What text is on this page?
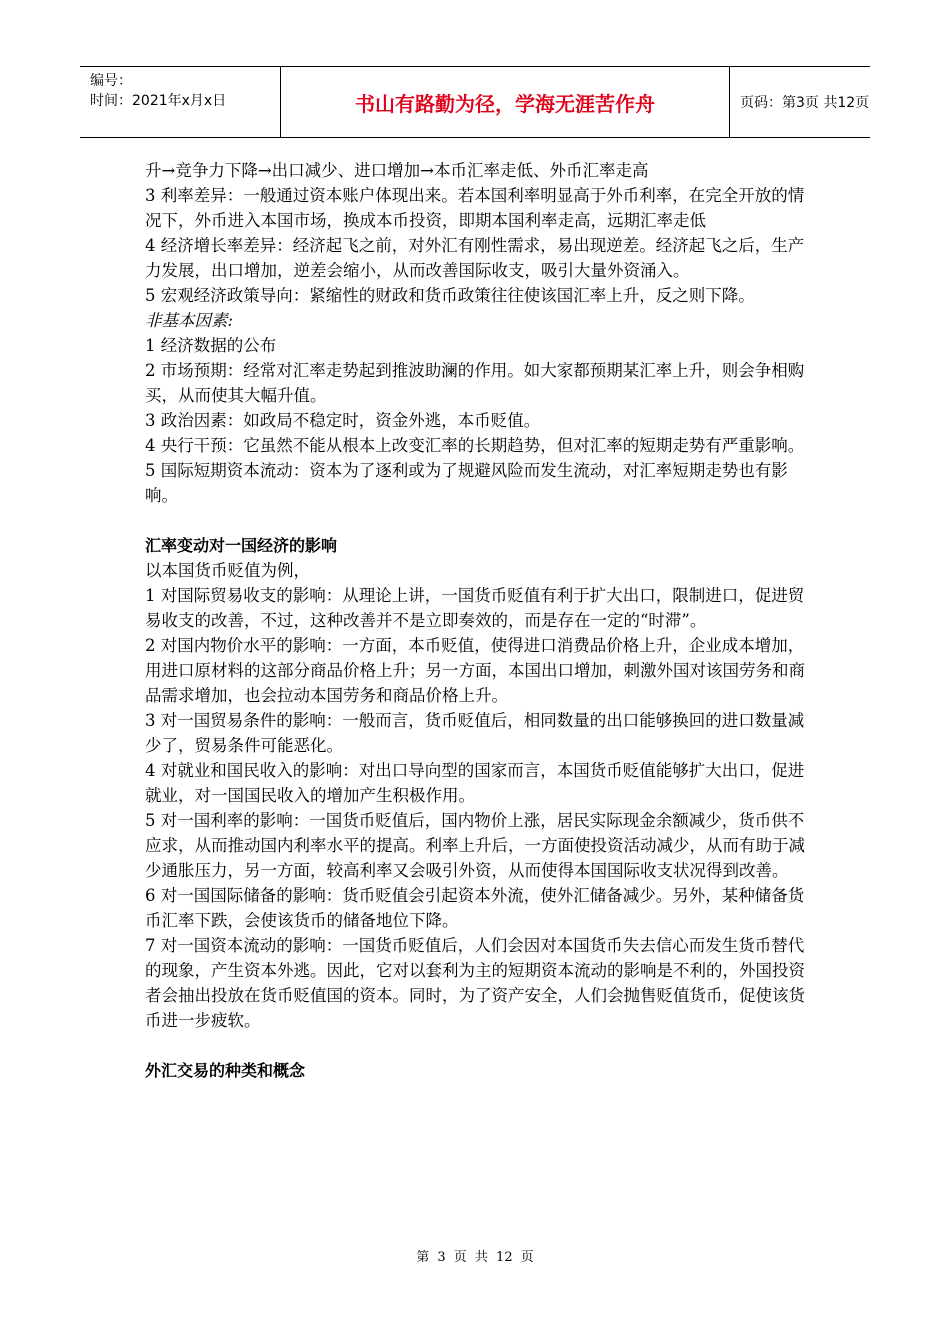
编号：
时间：2021年x月x日	书山有路勤为径，学海无涯苦作舟	页码：第3页 共12页

升→竞争力下降→出口减少、进口增加→本币汇率走低、外币汇率走高

3 利率差异：一般通过资本账户体现出来。若本国利率明显高于外币利率，在完全开放的情况下，外币进入本国市场，换成本币投资，即期本国利率走高，远期汇率走低

4 经济增长率差异：经济起飞之前，对外汇有刚性需求，易出现逆差。经济起飞之后，生产力发展，出口增加，逆差会缩小，从而改善国际收支，吸引大量外资涌入。

5 宏观经济政策导向：紧缩性的财政和货币政策往往使该国汇率上升，反之则下降。

非基本因素:

1 经济数据的公布

2 市场预期：经常对汇率走势起到推波助澜的作用。如大家都预期某汇率上升，则会争相购买，从而使其大幅升值。

3 政治因素：如政局不稳定时，资金外逃，本币贬值。

4 央行干预：它虽然不能从根本上改变汇率的长期趋势，但对汇率的短期走势有严重影响。

5 国际短期资本流动：资本为了逐利或为了规避风险而发生流动，对汇率短期走势也有影响。

汇率变动对一国经济的影响

以本国货币贬值为例，

1 对国际贸易收支的影响：从理论上讲，一国货币贬值有利于扩大出口，限制进口，促进贸易收支的改善，不过，这种改善并不是立即奏效的，而是存在一定的“时滞”。

2 对国内物价水平的影响：一方面，本币贬值，使得进口消费品价格上升，企业成本增加，用进口原材料的这部分商品价格上升；另一方面，本国出口增加，刺激外国对该国劳务和商品需求增加，也会拉动本国劳务和商品价格上升。

3 对一国贸易条件的影响：一般而言，货币贬值后，相同数量的出口能够换回的进口数量减少了，贸易条件可能恶化。

4 对就业和国民收入的影响：对出口导向型的国家而言，本国货币贬值能够扩大出口，促进就业，对一国国民收入的增加产生积极作用。

5 对一国利率的影响：一国货币贬值后，国内物价上涨，居民实际现金余额减少，货币供不应求，从而推动国内利率水平的提高。利率上升后，一方面使投资活动减少，从而有助于减少通胀压力，另一方面，较高利率又会吸引外资，从而使得本国国际收支状况得到改善。

6 对一国国际储备的影响：货币贬值会引起资本外流，使外汇储备减少。另外，某种储备货币汇率下跌，会使该货币的储备地位下降。

7 对一国资本流动的影响：一国货币贬值后，人们会因对本国货币失去信心而发生货币替代的现象，产生资本外逃。因此，它对以套利为主的短期资本流动的影响是不利的，外国投资者会抽出投放在货币贬值国的资本。同时，为了资产安全，人们会抛售贬值货币，促使该货币进一步疲软。

外汇交易的种类和概念

第 3 页 共 12 页
